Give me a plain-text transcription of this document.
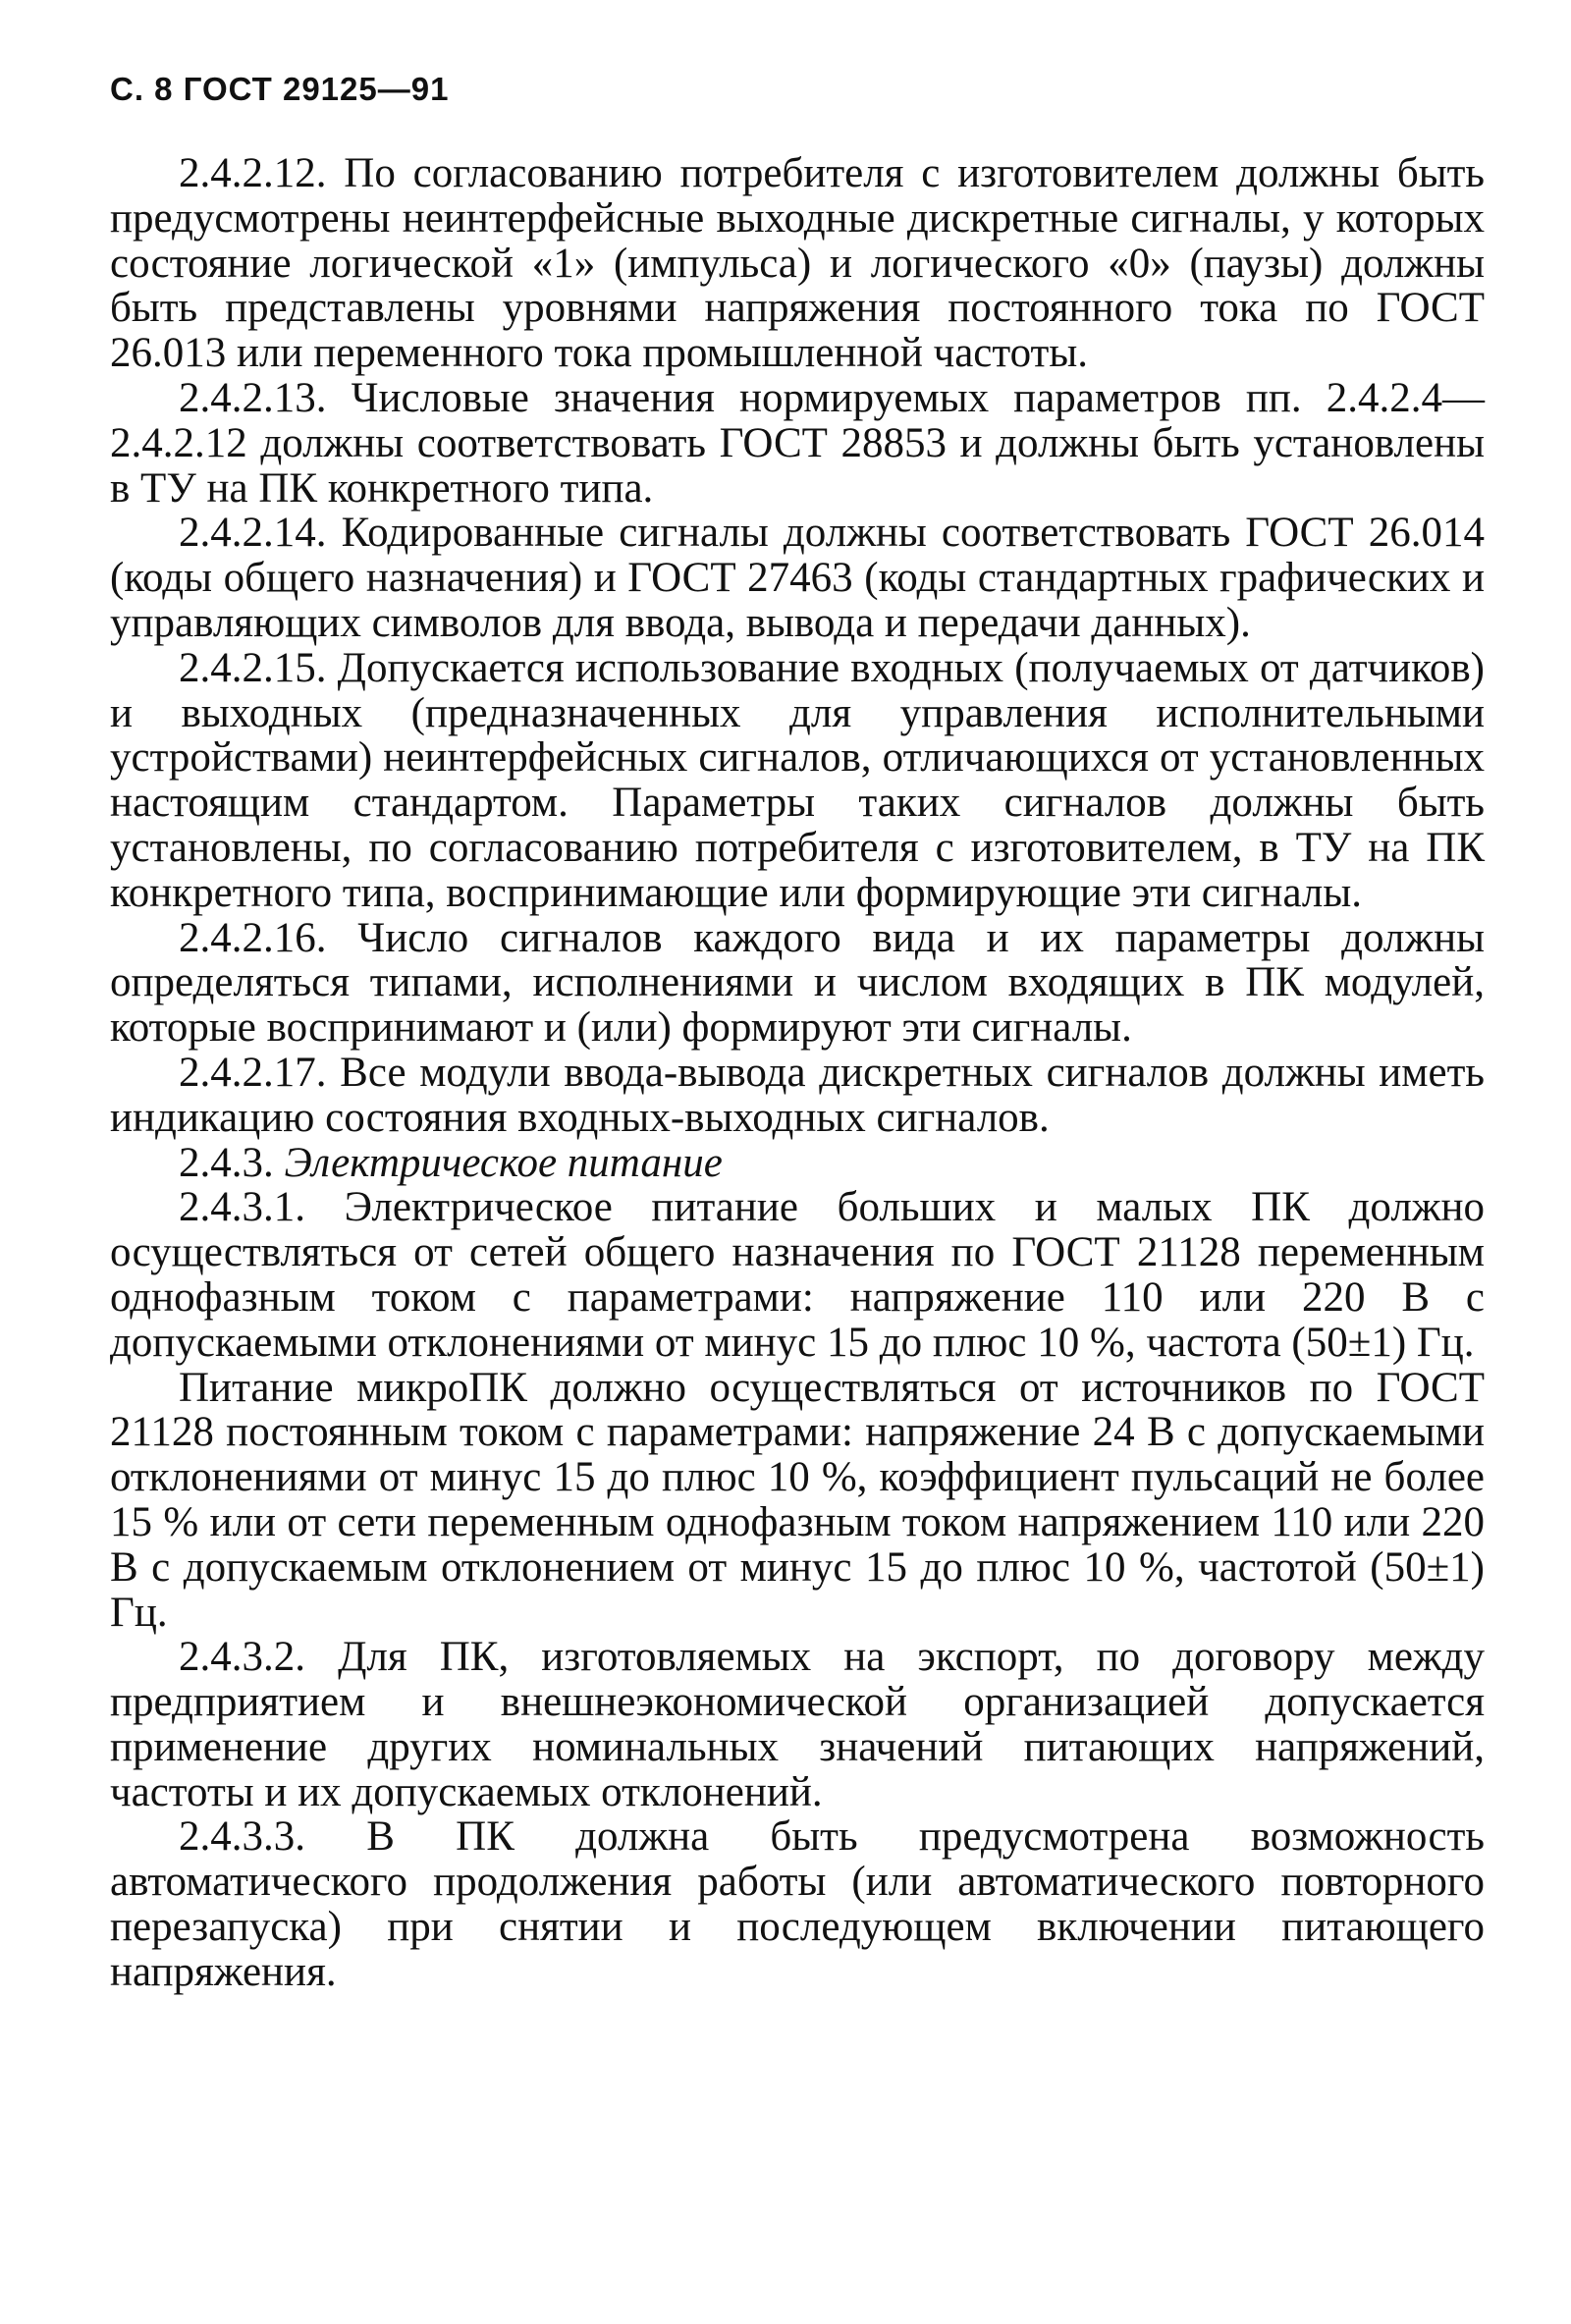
С. 8 ГОСТ 29125—91

2.4.2.12. По согласованию потребителя с изготовителем должны быть предусмотрены неинтерфейсные выходные дискретные сигналы, у которых состояние логической «1» (импульса) и логического «0» (паузы) должны быть представлены уровнями напряжения постоянного тока по ГОСТ 26.013 или переменного тока промышленной частоты.

2.4.2.13. Числовые значения нормируемых параметров пп. 2.4.2.4—2.4.2.12 должны соответствовать ГОСТ 28853 и должны быть установлены в ТУ на ПК конкретного типа.

2.4.2.14. Кодированные сигналы должны соответствовать ГОСТ 26.014 (коды общего назначения) и ГОСТ 27463 (коды стандартных графических и управляющих символов для ввода, вывода и передачи данных).

2.4.2.15. Допускается использование входных (получаемых от датчиков) и выходных (предназначенных для управления исполнительными устройствами) неинтерфейсных сигналов, отличающихся от установленных настоящим стандартом. Параметры таких сигналов должны быть установлены, по согласованию потребителя с изготовителем, в ТУ на ПК конкретного типа, воспринимающие или формирующие эти сигналы.

2.4.2.16. Число сигналов каждого вида и их параметры должны определяться типами, исполнениями и числом входящих в ПК модулей, которые воспринимают и (или) формируют эти сигналы.

2.4.2.17. Все модули ввода-вывода дискретных сигналов должны иметь индикацию состояния входных-выходных сигналов.

2.4.3. Электрическое питание

2.4.3.1. Электрическое питание больших и малых ПК должно осуществляться от сетей общего назначения по ГОСТ 21128 переменным однофазным током с параметрами: напряжение 110 или 220 В с допускаемыми отклонениями от минус 15 до плюс 10 %, частота (50±1) Гц.

Питание микроПК должно осуществляться от источников по ГОСТ 21128 постоянным током с параметрами: напряжение 24 В с допускаемыми отклонениями от минус 15 до плюс 10 %, коэффициент пульсаций не более 15 % или от сети переменным однофазным током напряжением 110 или 220 В с допускаемым отклонением от минус 15 до плюс 10 %, частотой (50±1) Гц.

2.4.3.2. Для ПК, изготовляемых на экспорт, по договору между предприятием и внешнеэкономической организацией допускается применение других номинальных значений питающих напряжений, частоты и их допускаемых отклонений.

2.4.3.3. В ПК должна быть предусмотрена возможность автоматического продолжения работы (или автоматического повторного перезапуска) при снятии и последующем включении питающего напряжения.
